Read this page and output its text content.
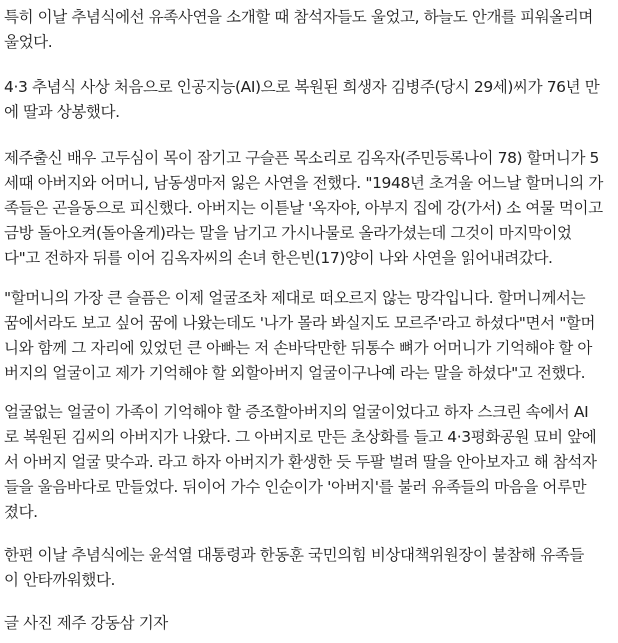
특히 이날 추념식에선 유족사연을 소개할 때 참석자들도 울었고, 하늘도 안개를 피워올리며
울었다.

4·3 추념식 사상 처음으로 인공지능(AI)으로 복원된 희생자 김병주(당시 29세)씨가 76년 만
에 딸과 상봉했다.

제주출신 배우 고두심이 목이 잠기고 구슬픈 목소리로 김옥자(주민등록나이 78) 할머니가 5
세때 아버지와 어머니, 남동생마저 잃은 사연을 전했다. "1948년 초겨울 어느날 할머니의 가
족들은 곤을동으로 피신했다. 아버지는 이튿날 '옥자야, 아부지 집에 강(가서) 소 여물 먹이고
금방 돌아오켜(돌아올게)라는 말을 남기고 가시나물로 올라가셨는데 그것이 마지막이었
다"고 전하자 뒤를 이어 김옥자씨의 손녀 한은빈(17)양이 나와 사연을 읽어내려갔다.

"할머니의 가장 큰 슬픔은 이제 얼굴조차 제대로 떠오르지 않는 망각입니다. 할머니께서는
꿈에서라도 보고 싶어 꿈에 나왔는데도 '나가 몰라 봐실지도 모르주'라고 하셨다"면서 "할머
니와 함께 그 자리에 있었던 큰 아빠는 저 손바닥만한 뒤통수 뼈가 어머니가 기억해야 할 아
버지의 얼굴이고 제가 기억해야 할 외할아버지 얼굴이구나예 라는 말을 하셨다"고 전했다.

얼굴없는 얼굴이 가족이 기억해야 할 증조할아버지의 얼굴이었다고 하자 스크린 속에서 AI
로 복원된 김씨의 아버지가 나왔다. 그 아버지로 만든 초상화를 들고 4·3평화공원 묘비 앞에
서 아버지 얼굴 맞수과. 라고 하자 아버지가 환생한 듯 두팔 벌려 딸을 안아보자고 해 참석자
들을 울음바다로 만들었다. 뒤이어 가수 인순이가 '아버지'를 불러 유족들의 마음을 어루만
졌다.

한편 이날 추념식에는 윤석열 대통령과 한동훈 국민의힘 비상대책위원장이 불참해 유족들
이 안타까워했다.

글 사진 제주 강동삼 기자
